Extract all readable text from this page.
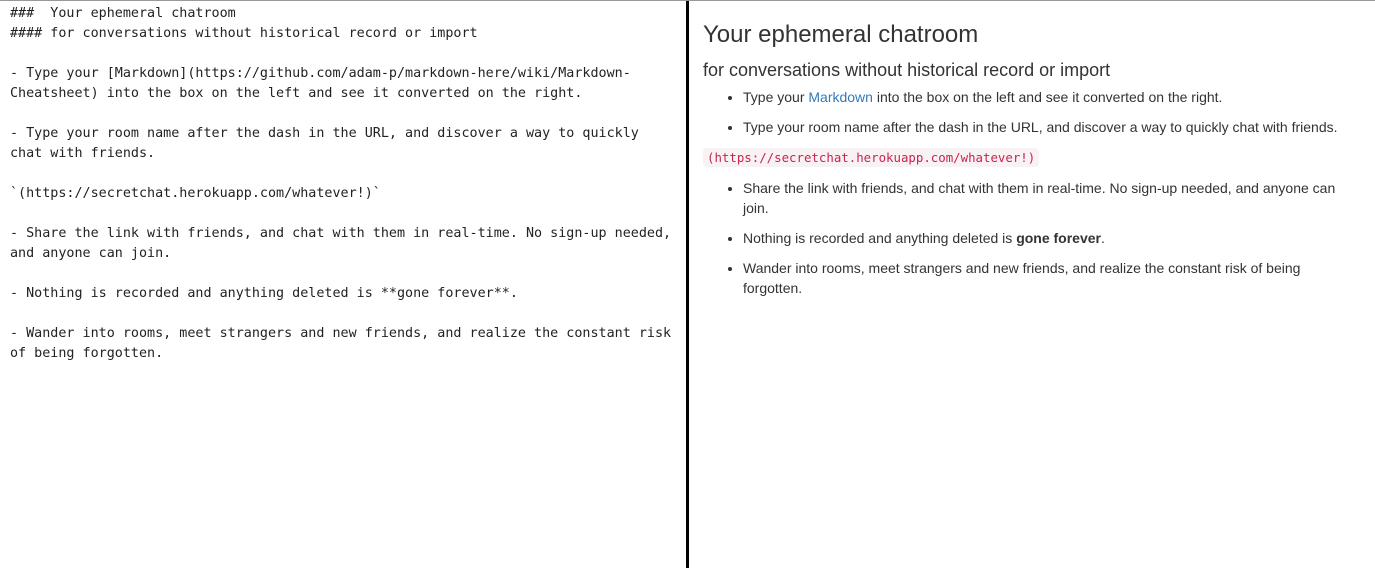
### Your ephemeral chatroom #### for conversations without historical record or import - Type your [Markdown](https://github.com/adam-p/markdown-here/wiki/Markdown-Cheatsheet) into the box on the left and see it converted on the right. - Type your room name after the dash in the URL, and discover a way to quickly chat with friends. `(https://secretchat.herokuapp.com/whatever!)` - Share the link with friends, and chat with them in real-time. No sign-up needed, and anyone can join. - Nothing is recorded and anything deleted is **gone forever**. - Wander into rooms, meet strangers and new friends, and realize the constant risk of being forgotten.
Your ephemeral chatroom
for conversations without historical record or import
• Type your Markdown into the box on the left and see it converted on the right.
• Type your room name after the dash in the URL, and discover a way to quickly chat with friends.

(https://secretchat.herokuapp.com/whatever!)

• Share the link with friends, and chat with them in real-time. No sign-up needed, and anyone can join.
• Nothing is recorded and anything deleted is gone forever.
• Wander into rooms, meet strangers and new friends, and realize the constant risk of being forgotten.
